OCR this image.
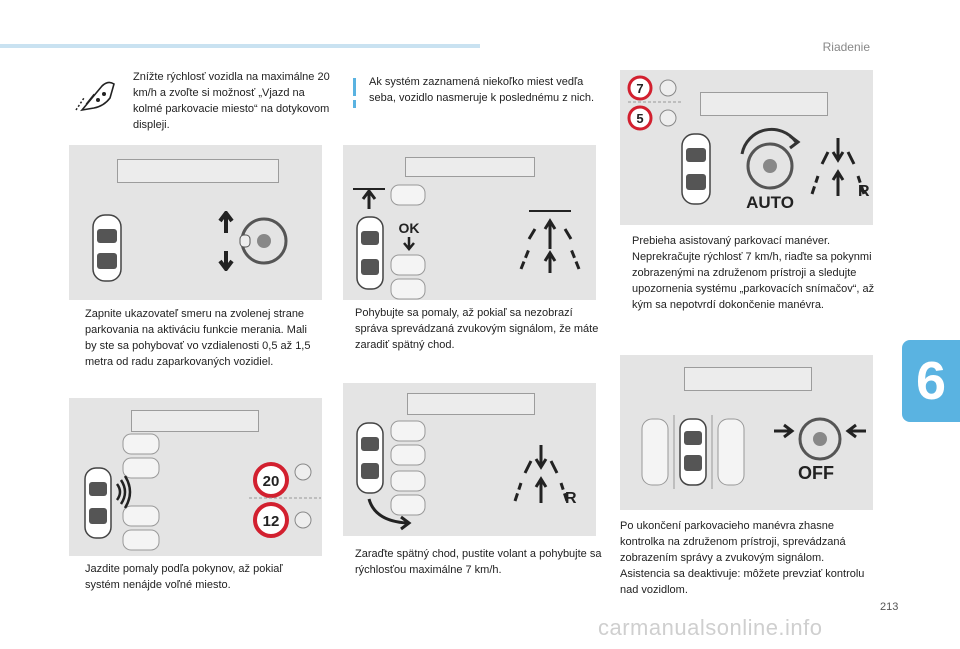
Riadenie
6
213
carmanualsonline.info
Znížte rýchlosť vozidla na maximálne 20 km/h a zvoľte si možnosť „Vjazd na kolmé parkovacie miesto“ na dotykovom displeji.
Zapnite ukazovateľ smeru na zvolenej strane parkovania na aktiváciu funkcie merania. Mali by ste sa pohybovať vo vzdialenosti 0,5 až 1,5 metra od radu zaparkovaných vozidiel.
20
12
Jazdite pomaly podľa pokynov, až pokiaľ systém nenájde voľné miesto.
Ak systém zaznamená niekoľko miest vedľa seba, vozidlo nasmeruje k poslednému z nich.
OK
Pohybujte sa pomaly, až pokiaľ sa nezobrazí správa sprevádzaná zvukovým signálom, že máte zaradiť spätný chod.
R
Zaraďte spätný chod, pustite volant a pohybujte sa rýchlosťou maximálne 7 km/h.
7
5
AUTO
R
Prebieha asistovaný parkovací manéver. Neprekračujte rýchlosť 7 km/h, riaďte sa pokynmi zobrazenými na združenom prístroji a sledujte upozornenia systému „parkovacích snímačov“, až kým sa nepotvrdí dokončenie manévra.
OFF
Po ukončení parkovacieho manévra zhasne kontrolka na združenom prístroji, sprevádzaná zobrazením správy a zvukovým signálom. Asistencia sa deaktivuje: môžete prevziať kontrolu nad vozidlom.
